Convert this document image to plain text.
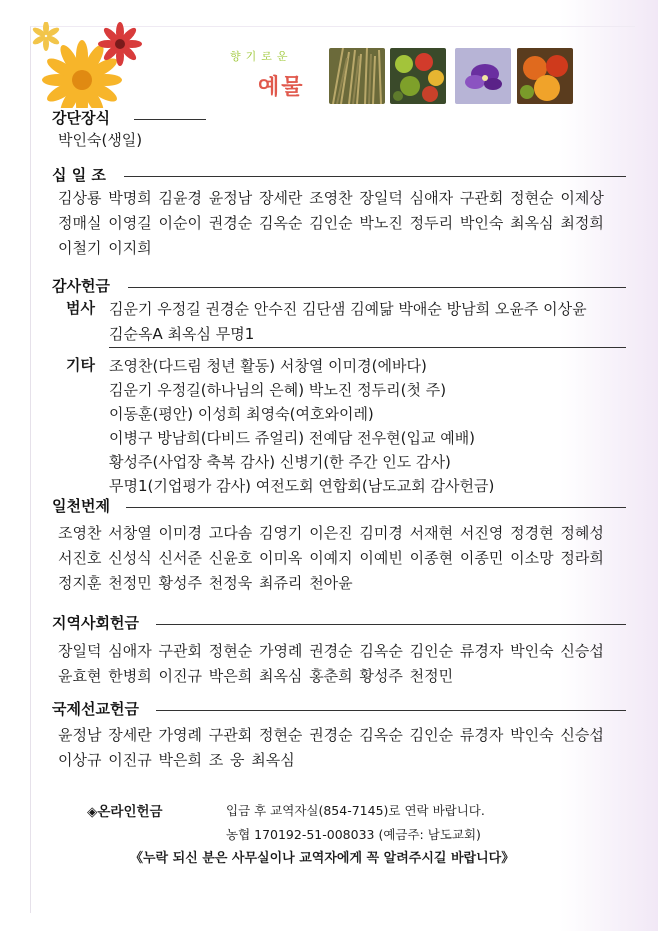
향기로운
예물
강단장식
박인숙(생일)
십 일 조
김상룡 박명희 김윤경 윤정남 장세란 조영찬 장일덕 심애자 구관회 정현순 이제상
정매실 이영길 이순이 권경순 김옥순 김인순 박노진 정두리 박인숙 최옥심 최정희
이철기 이지희
감사헌금
범사 김운기 우정길 권경순 안수진 김단샘 김예닮 박애순 방남희 오윤주 이상윤
김순옥A 최옥심 무명1
기타 조영찬(다드림 청년 활동) 서창열 이미경(에바다)
김운기 우정길(하나님의 은혜) 박노진 정두리(첫 주)
이동훈(평안) 이성희 최영숙(여호와이레)
이병구 방남희(다비드 쥬얼리) 전예담 전우현(입교 예배)
황성주(사업장 축복 감사) 신병기(한 주간 인도 감사)
무명1(기업평가 감사) 여전도회 연합회(남도교회 감사헌금)
일천번제
조영찬 서창열 이미경 고다솜 김영기 이은진 김미경 서재현 서진영 정경현 정혜성
서진호 신성식 신서준 신윤호 이미옥 이예지 이예빈 이종현 이종민 이소망 정라희
정지훈 천정민 황성주 천정욱 최쥬리 천아윤
지역사회헌금
장일덕 심애자 구관회 정현순 가영례 권경순 김옥순 김인순 류경자 박인숙 신승섭
윤효현 한병희 이진규 박은희 최옥심 홍춘희 황성주 천정민
국제선교헌금
윤정남 장세란 가영례 구관회 정현순 권경순 김옥순 김인순 류경자 박인숙 신승섭
이상규 이진규 박은희 조 웅 최옥심
◈온라인헌금	입금 후 교역자실(854-7145)로 연락 바랍니다.
농협 170192-51-008033 (예금주: 남도교회)
《누락 되신 분은 사무실이나 교역자에게 꼭 알려주시길 바랍니다》
